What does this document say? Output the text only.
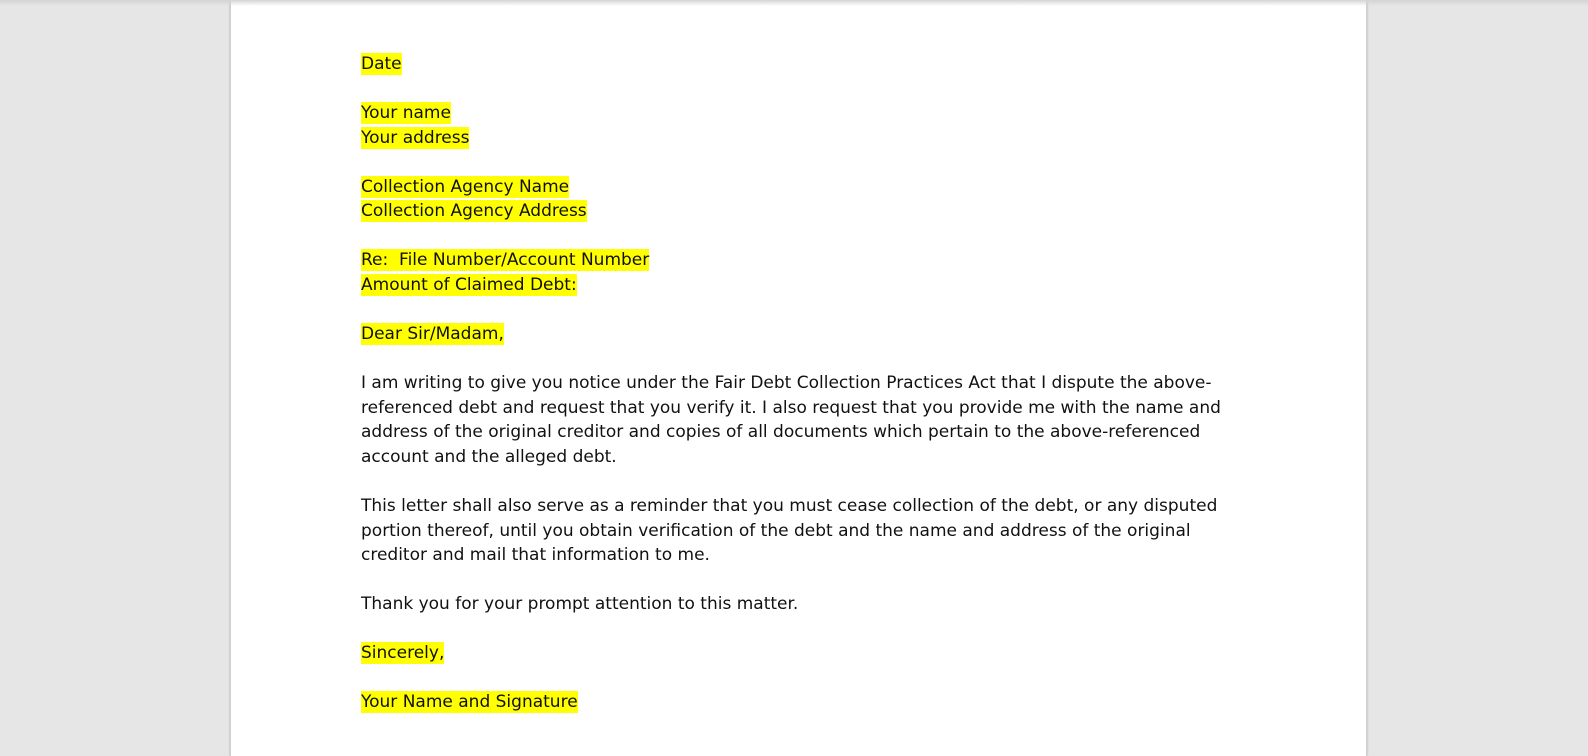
Date
Your name
Your address
Collection Agency Name
Collection Agency Address
Re:  File Number/Account Number
Amount of Claimed Debt:
Dear Sir/Madam,
I am writing to give you notice under the Fair Debt Collection Practices Act that I dispute the above-
referenced debt and request that you verify it. I also request that you provide me with the name and
address of the original creditor and copies of all documents which pertain to the above-referenced
account and the alleged debt.
This letter shall also serve as a reminder that you must cease collection of the debt, or any disputed
portion thereof, until you obtain verification of the debt and the name and address of the original
creditor and mail that information to me.
Thank you for your prompt attention to this matter.
Sincerely,
Your Name and Signature
